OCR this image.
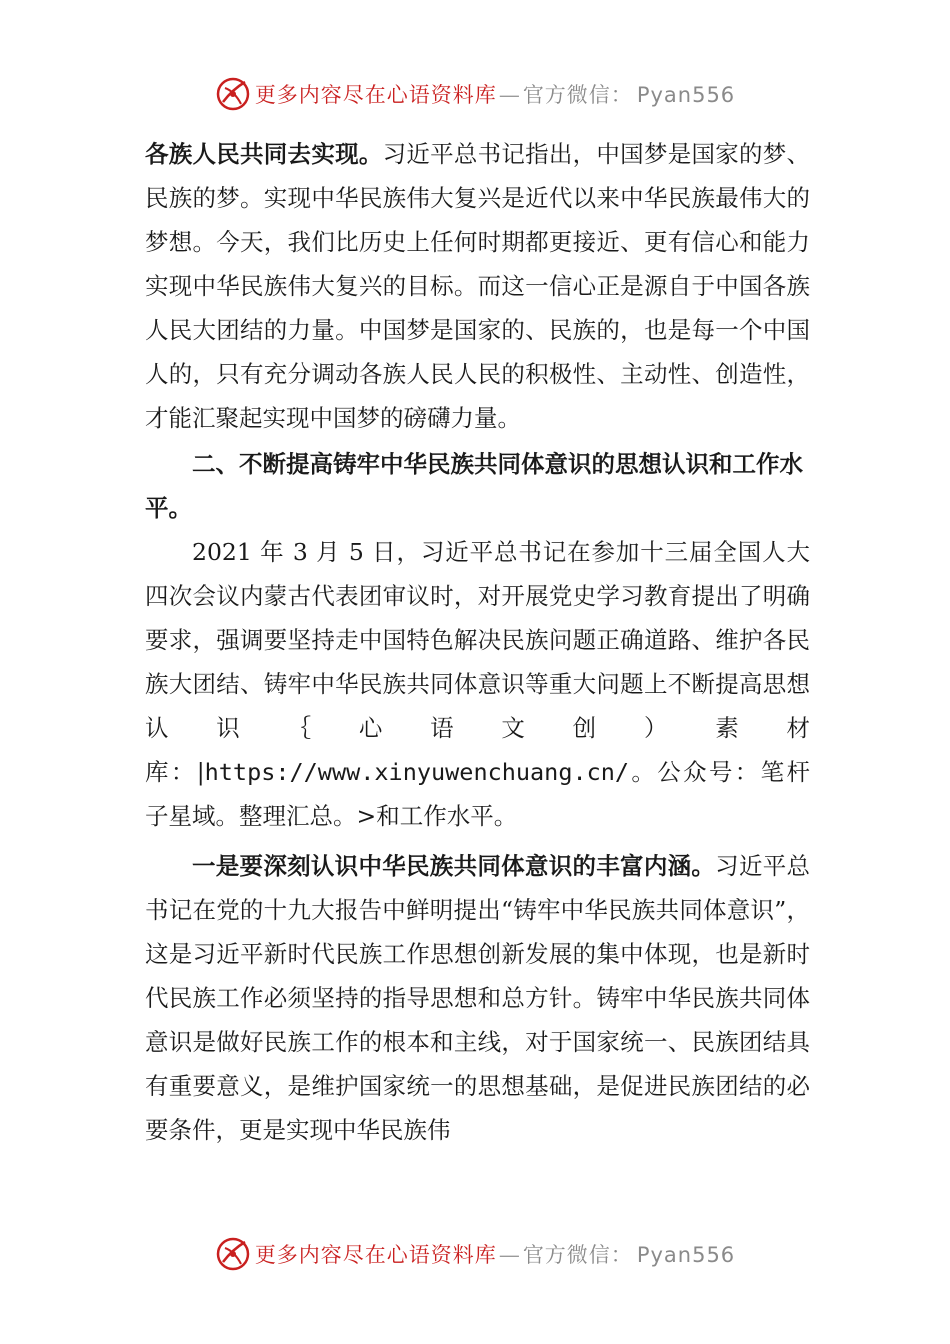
更多内容尽在心语资料库—官方微信： Pyan556

各族人民共同去实现。习近平总书记指出，中国梦是国家的梦、民族的梦。实现中华民族伟大复兴是近代以来中华民族最伟大的梦想。今天，我们比历史上任何时期都更接近、更有信心和能力实现中华民族伟大复兴的目标。而这一信心正是源自于中国各族人民大团结的力量。中国梦是国家的、民族的，也是每一个中国人的，只有充分调动各族人民人民的积极性、主动性、创造性，才能汇聚起实现中国梦的磅礴力量。

二、不断提高铸牢中华民族共同体意识的思想认识和工作水平。

2021 年 3 月 5 日，习近平总书记在参加十三届全国人大四次会议内蒙古代表团审议时，对开展党史学习教育提出了明确要求，强调要坚持走中国特色解决民族问题正确道路、维护各民族大团结、铸牢中华民族共同体意识等重大问题上不断提高思想认识｛心语文创）素材库：|https://www.xinyuwenchuang.cn/。公众号：笔杆子星域。整理汇总。>和工作水平。

一是要深刻认识中华民族共同体意识的丰富内涵。习近平总书记在党的十九大报告中鲜明提出“铸牢中华民族共同体意识”，这是习近平新时代民族工作思想创新发展的集中体现，也是新时代民族工作必须坚持的指导思想和总方针。铸牢中华民族共同体意识是做好民族工作的根本和主线，对于国家统一、民族团结具有重要意义，是维护国家统一的思想基础，是促进民族团结的必要条件，更是实现中华民族伟

更多内容尽在心语资料库—官方微信： Pyan556
